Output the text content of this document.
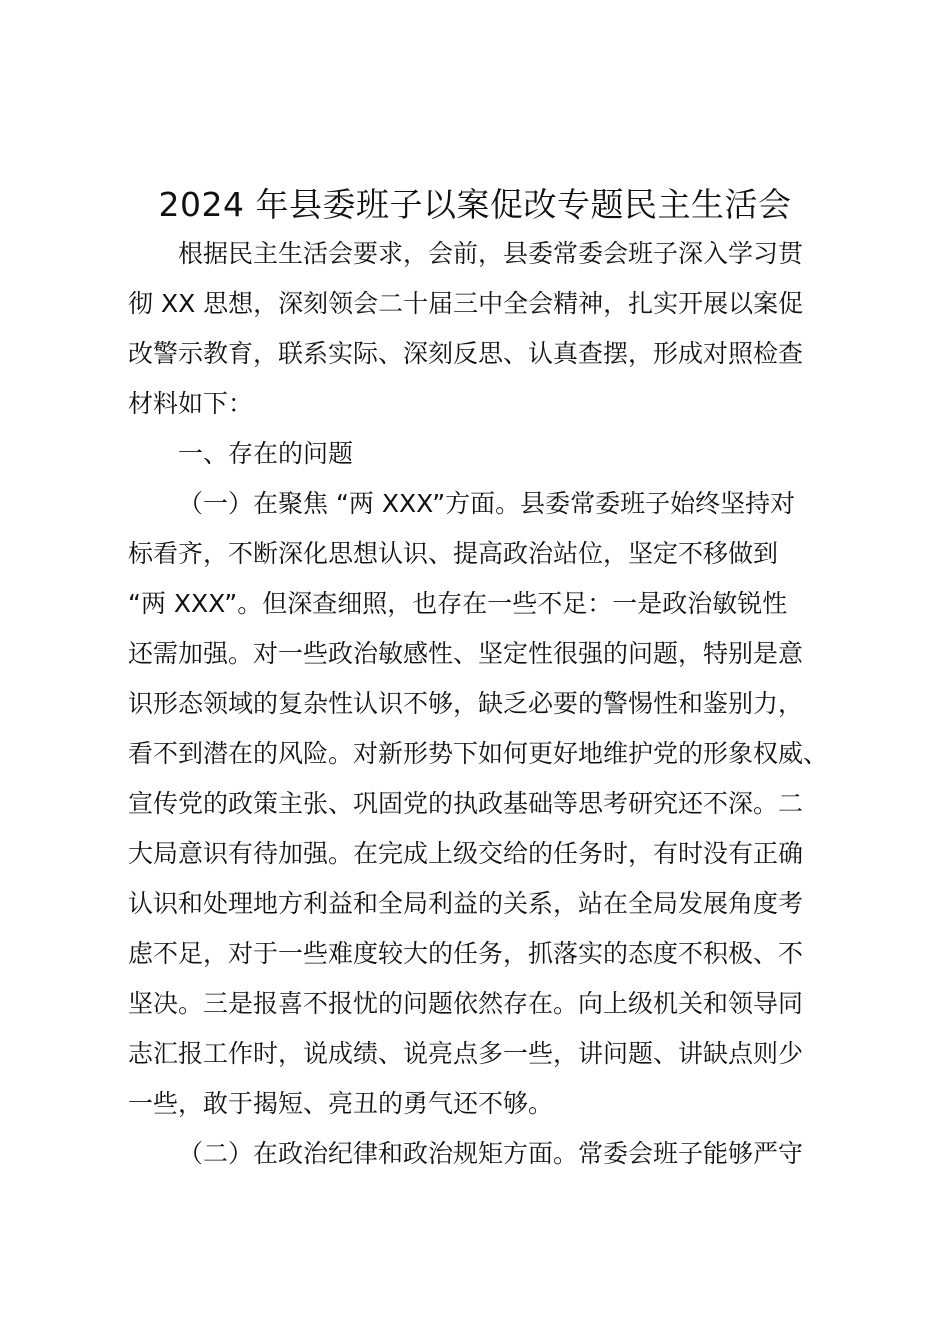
2024 年县委班子以案促改专题民主生活会

根据民主生活会要求，会前，县委常委会班子深入学习贯

彻 XX 思想，深刻领会二十届三中全会精神，扎实开展以案促

改警示教育，联系实际、深刻反思、认真查摆，形成对照检查

材料如下：

一、存在的问题

（一）在聚焦 “两 XXX”方面。县委常委班子始终坚持对

标看齐，不断深化思想认识、提高政治站位，坚定不移做到

“两 XXX”。但深查细照，也存在一些不足：一是政治敏锐性

还需加强。对一些政治敏感性、坚定性很强的问题，特别是意

识形态领域的复杂性认识不够，缺乏必要的警惕性和鉴别力，

看不到潜在的风险。对新形势下如何更好地维护党的形象权威、

宣传党的政策主张、巩固党的执政基础等思考研究还不深。二

大局意识有待加强。在完成上级交给的任务时，有时没有正确

认识和处理地方利益和全局利益的关系，站在全局发展角度考

虑不足，对于一些难度较大的任务，抓落实的态度不积极、不

坚决。三是报喜不报忧的问题依然存在。向上级机关和领导同

志汇报工作时，说成绩、说亮点多一些，讲问题、讲缺点则少

一些，敢于揭短、亮丑的勇气还不够。

（二）在政治纪律和政治规矩方面。常委会班子能够严守
